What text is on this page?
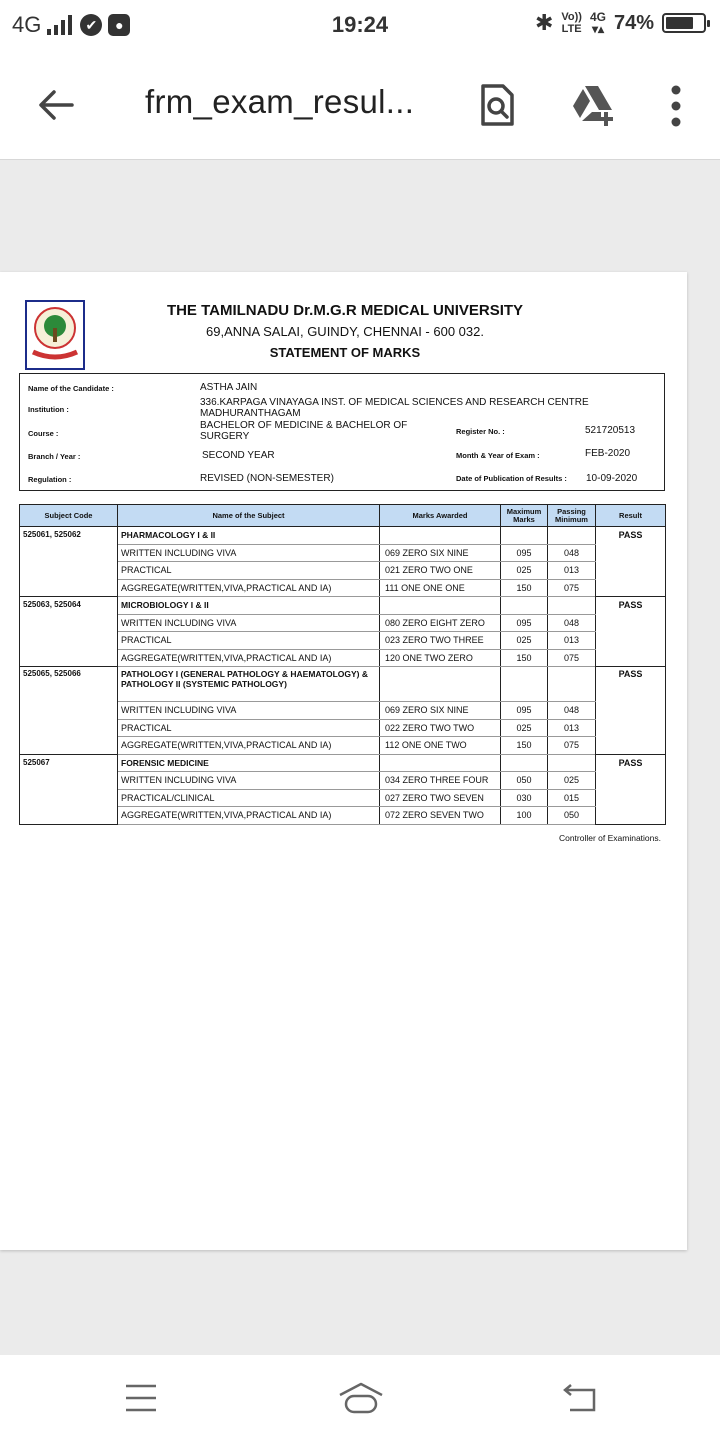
4G	✔	●	19:24	✱ Vo))
LTE
4G
▾▴ 74%
frm_exam_resul...
THE TAMILNADU Dr.M.G.R MEDICAL UNIVERSITY
69,ANNA SALAI, GUINDY, CHENNAI - 600 032.
STATEMENT OF MARKS
Name of the Candidate :	ASTHA JAIN
Institution :
336.KARPAGA VINAYAGA INST. OF MEDICAL SCIENCES AND RESEARCH CENTRE
MADHURANTHAGAM
Course :
BACHELOR OF MEDICINE & BACHELOR OF
SURGERY	Register No. :	521720513
Branch / Year :	SECOND YEAR	Month & Year of Exam :	FEB-2020
Regulation :	REVISED (NON-SEMESTER)	Date of Publication of Results : 10-09-2020
Subject Code	Name of the Subject	Marks Awarded	Maximum Marks	Passing Minimum	Result
525061, 525062	PHARMACOLOGY I & II				PASS
	WRITTEN INCLUDING VIVA	069 ZERO SIX NINE	095	048	
	PRACTICAL	021 ZERO TWO ONE	025	013	
	AGGREGATE(WRITTEN,VIVA,PRACTICAL AND IA)	111 ONE ONE ONE	150	075	
525063, 525064	MICROBIOLOGY I & II				PASS
	WRITTEN INCLUDING VIVA	080 ZERO EIGHT ZERO	095	048	
	PRACTICAL	023 ZERO TWO THREE	025	013	
	AGGREGATE(WRITTEN,VIVA,PRACTICAL AND IA)	120 ONE TWO ZERO	150	075	
525065, 525066	PATHOLOGY I (GENERAL PATHOLOGY & HAEMATOLOGY) & PATHOLOGY II (SYSTEMIC PATHOLOGY)				PASS
	WRITTEN INCLUDING VIVA	069 ZERO SIX NINE	095	048	
	PRACTICAL	022 ZERO TWO TWO	025	013	
	AGGREGATE(WRITTEN,VIVA,PRACTICAL AND IA)	112 ONE ONE TWO	150	075	
525067	FORENSIC MEDICINE				PASS
	WRITTEN INCLUDING VIVA	034 ZERO THREE FOUR	050	025	
	PRACTICAL/CLINICAL	027 ZERO TWO SEVEN	030	015	
	AGGREGATE(WRITTEN,VIVA,PRACTICAL AND IA)	072 ZERO SEVEN TWO	100	050	
Controller of Examinations.
